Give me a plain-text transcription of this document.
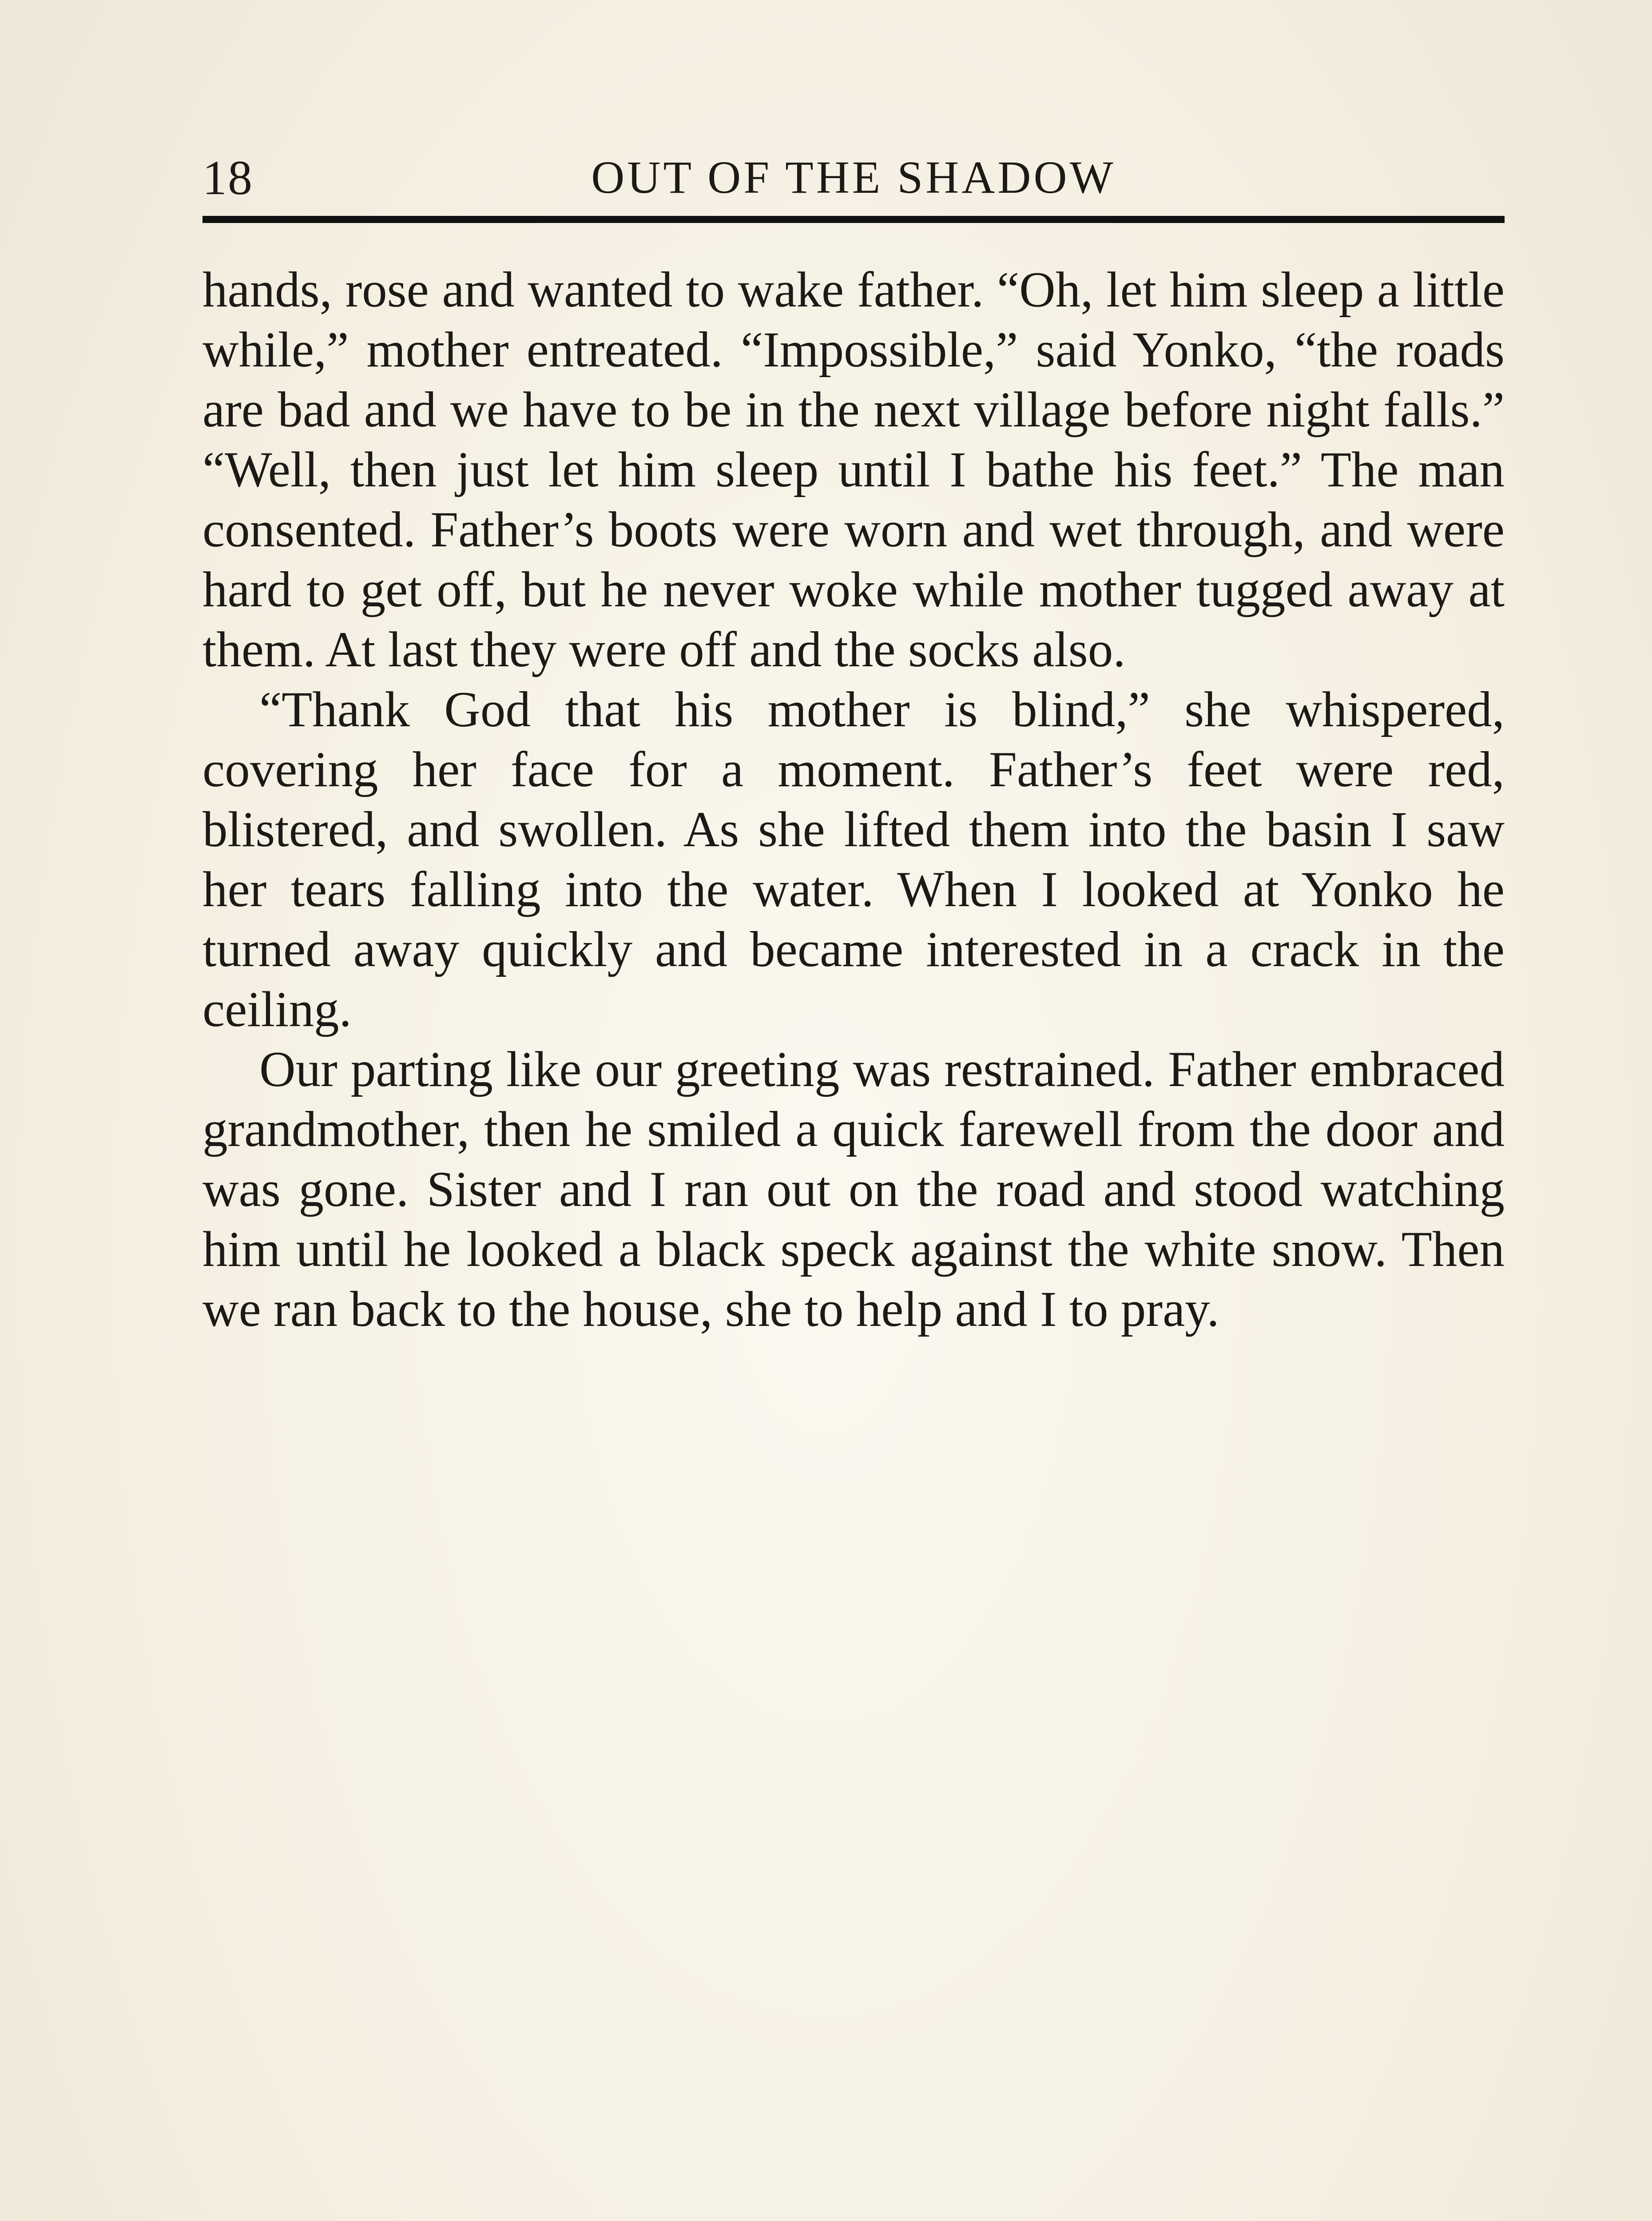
18	OUT OF THE SHADOW

hands, rose and wanted to wake father. “Oh, let him sleep a little while,” mother entreated. “Impossible,” said Yonko, “the roads are bad and we have to be in the next village before night falls.” “Well, then just let him sleep until I bathe his feet.” The man consented. Father’s boots were worn and wet through, and were hard to get off, but he never woke while mother tugged away at them. At last they were off and the socks also.

“Thank God that his mother is blind,” she whispered, covering her face for a moment. Father’s feet were red, blistered, and swollen. As she lifted them into the basin I saw her tears falling into the water. When I looked at Yonko he turned away quickly and became interested in a crack in the ceiling.

Our parting like our greeting was restrained. Father embraced grandmother, then he smiled a quick farewell from the door and was gone. Sister and I ran out on the road and stood watching him until he looked a black speck against the white snow. Then we ran back to the house, she to help and I to pray.
